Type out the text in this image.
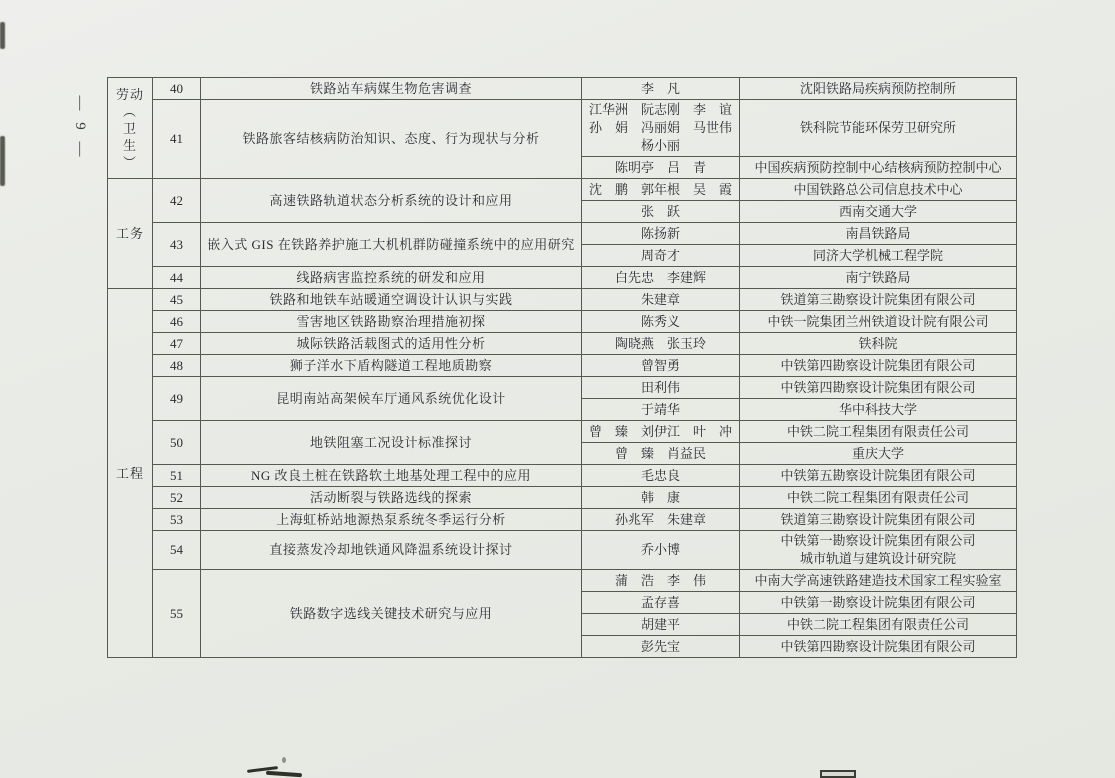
— 9 —
劳动
︵
卫
生
︶	40	铁路站车病媒生物危害调查	李　凡	沈阳铁路局疾病预防控制所

	41	铁路旅客结核病防治知识、态度、行为现状与分析	江华洲　阮志刚　李　谊
孙　娟　冯丽娟　马世伟
杨小丽	铁科院节能环保劳卫研究所

			陈明亭　吕　青	中国疾病预防控制中心结核病预防控制中心

工务	42	高速铁路轨道状态分析系统的设计和应用	沈　鹏　郭年根　吴　霞	中国铁路总公司信息技术中心

			张　跃	西南交通大学

	43	嵌入式 GIS 在铁路养护施工大机机群防碰撞系统中的应用研究	陈扬新	南昌铁路局

			周奇才	同济大学机械工程学院

	44	线路病害监控系统的研发和应用	白先忠　李建辉	南宁铁路局

工程	45	铁路和地铁车站暖通空调设计认识与实践	朱建章	铁道第三勘察设计院集团有限公司

	46	雪害地区铁路勘察治理措施初探	陈秀义	中铁一院集团兰州铁道设计院有限公司

	47	城际铁路活载图式的适用性分析	陶晓燕　张玉玲	铁科院

	48	狮子洋水下盾构隧道工程地质勘察	曾智勇	中铁第四勘察设计院集团有限公司

	49	昆明南站高架候车厅通风系统优化设计	田利伟	中铁第四勘察设计院集团有限公司

			于靖华	华中科技大学

	50	地铁阻塞工况设计标准探讨	曾　臻　刘伊江　叶　冲	中铁二院工程集团有限责任公司

			曾　臻　肖益民	重庆大学

	51	NG 改良土桩在铁路软土地基处理工程中的应用	毛忠良	中铁第五勘察设计院集团有限公司

	52	活动断裂与铁路选线的探索	韩　康	中铁二院工程集团有限责任公司

	53	上海虹桥站地源热泵系统冬季运行分析	孙兆军　朱建章	铁道第三勘察设计院集团有限公司

	54	直接蒸发冷却地铁通风降温系统设计探讨	乔小博	中铁第一勘察设计院集团有限公司
城市轨道与建筑设计研究院

	55	铁路数字选线关键技术研究与应用	蒲　浩　李　伟	中南大学高速铁路建造技术国家工程实验室

			孟存喜	中铁第一勘察设计院集团有限公司

			胡建平	中铁二院工程集团有限责任公司

			彭先宝	中铁第四勘察设计院集团有限公司
